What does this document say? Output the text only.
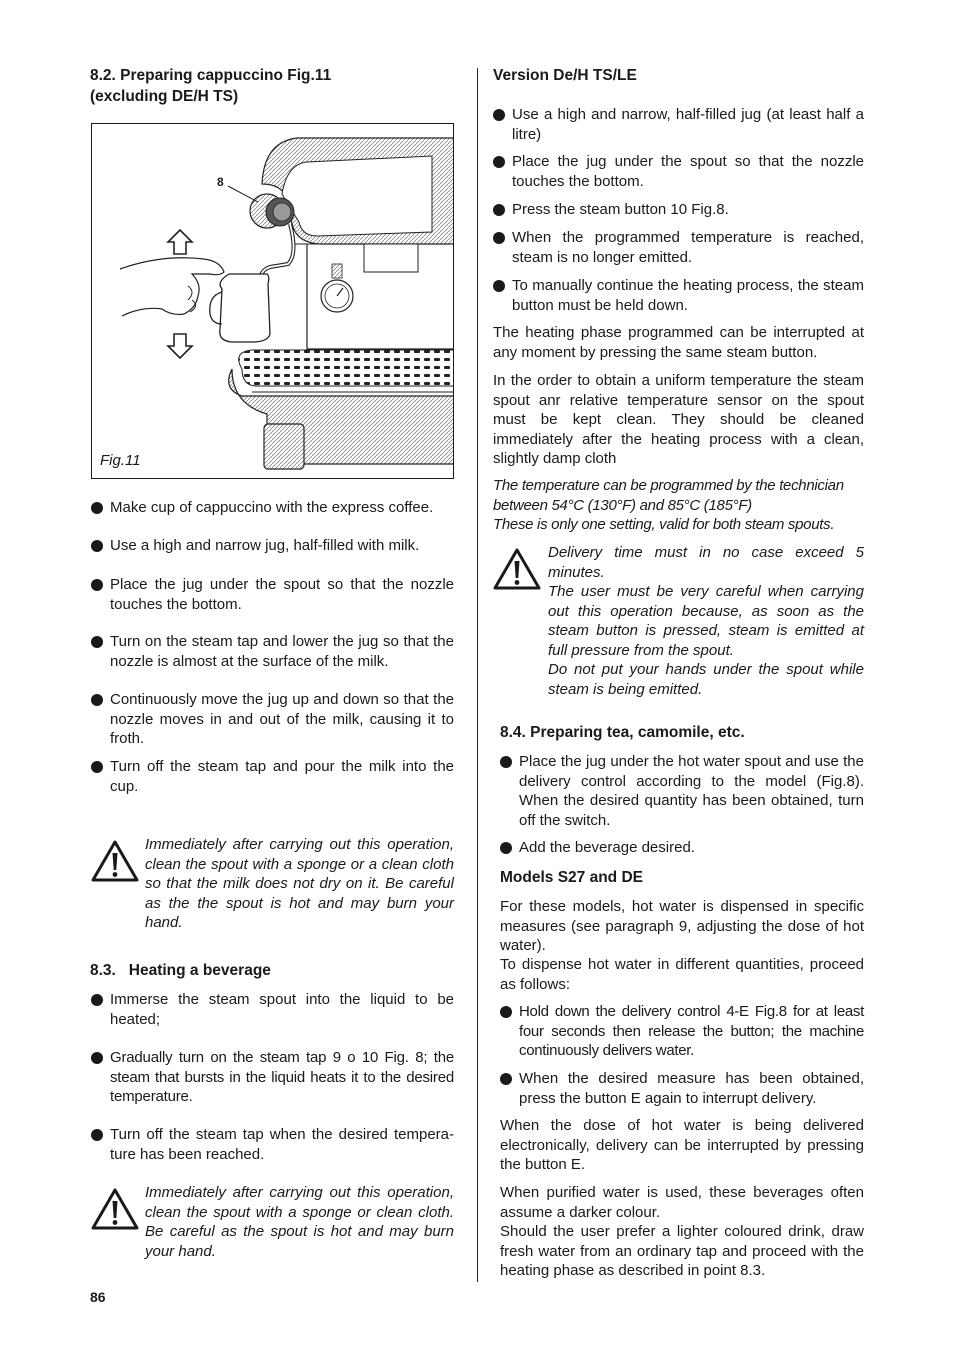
8.2. Preparing cappuccino Fig.11
(excluding DE/H TS)
8
Fig.11
Make cup of cappuccino with the express coffee.
Use a high and narrow jug, half-filled with milk.
Place the jug under the spout so that the nozzle touches the bottom.
Turn on the steam tap and lower the jug so that the nozzle is almost at the surface of the milk.
Continuously move the jug up and down so that the nozzle moves in and out of the milk, causing it to froth.
Turn off the steam tap and pour the milk into the cup.
Immediately after carrying out this operation, clean the spout with a sponge or a clean cloth so that the milk does not dry on it. Be careful as the the spout is hot and may burn your hand.
8.3.   Heating a beverage
Immerse the steam spout into the liquid to be heated;
Gradually turn on the steam tap 9 o 10 Fig. 8; the steam that bursts in the liquid heats it to the desired temperature.
Turn off the steam tap when the desired tempera-ture has been reached.
Immediately after carrying out this operation, clean the spout with a sponge or clean cloth. Be careful as the spout is hot and may burn your hand.
Version De/H TS/LE
Use a high and narrow, half-filled jug (at least half a litre)
Place the jug under the spout so that the nozzle touches the bottom.
Press the steam button 10 Fig.8.
When the programmed temperature is reached, steam is no longer emitted.
To manually continue the heating process, the steam button must be held down.

The heating phase programmed can be interrupted at any moment by pressing the same steam button.

In the order to obtain a uniform temperature the steam spout anr relative temperature sensor on the spout must be kept clean. They should be cleaned immediately after the heating process with a clean, slightly damp cloth

The temperature can be programmed by the technician between 54°C (130°F) and 85°C (185°F)

These is only one setting, valid for both steam spouts.

Delivery time must in no case exceed 5 minutes.
The user must be very careful when carrying out this operation because, as soon as the steam button is pressed, steam is emitted at full pressure from the spout.
Do not put your hands under the spout while steam is being emitted.
8.4. Preparing tea, camomile, etc.
Place the jug under the hot water spout and use the delivery control according to the model (Fig.8). When the desired quantity has been obtained, turn off the switch.
Add the beverage desired.
Models S27 and DE

For these models, hot water is dispensed in specific measures (see paragraph 9, adjusting the dose of hot water).

To dispense hot water in different quantities, proceed as follows:

Hold down the delivery control 4-E Fig.8 for at least four seconds then release the button; the machine continuously delivers water.
When the desired measure has been obtained, press the button E again to interrupt delivery.

When the dose of hot water is being delivered electronically, delivery can be interrupted by pressing the button E.

When purified water is used, these beverages often assume a darker colour.

Should the user prefer a lighter coloured drink, draw fresh water from an ordinary tap and proceed with the heating phase as described in point 8.3.

86
